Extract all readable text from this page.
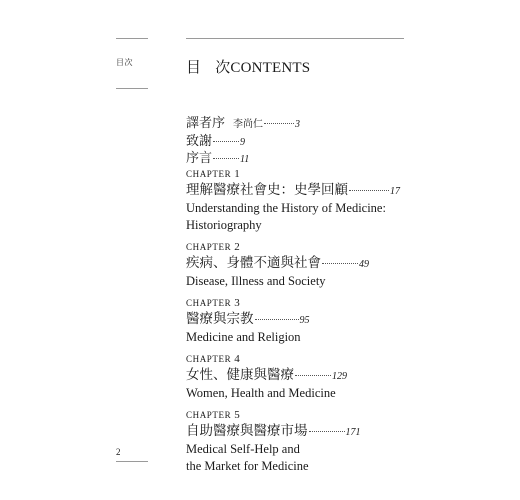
目次
2
目 次CONTENTS
譯者序 李尚仁	3
致謝	9
序言	11
CHAPTER 1
理解醫療社會史：史學回顧	17
Understanding the History of Medicine:
Historiography
CHAPTER 2
疾病、身體不適與社會	49
Disease, Illness and Society
CHAPTER 3
醫療與宗教	95
Medicine and Religion
CHAPTER 4
女性、健康與醫療	129
Women, Health and Medicine
CHAPTER 5
自助醫療與醫療市場	171
Medical Self-Help and
the Market for Medicine
